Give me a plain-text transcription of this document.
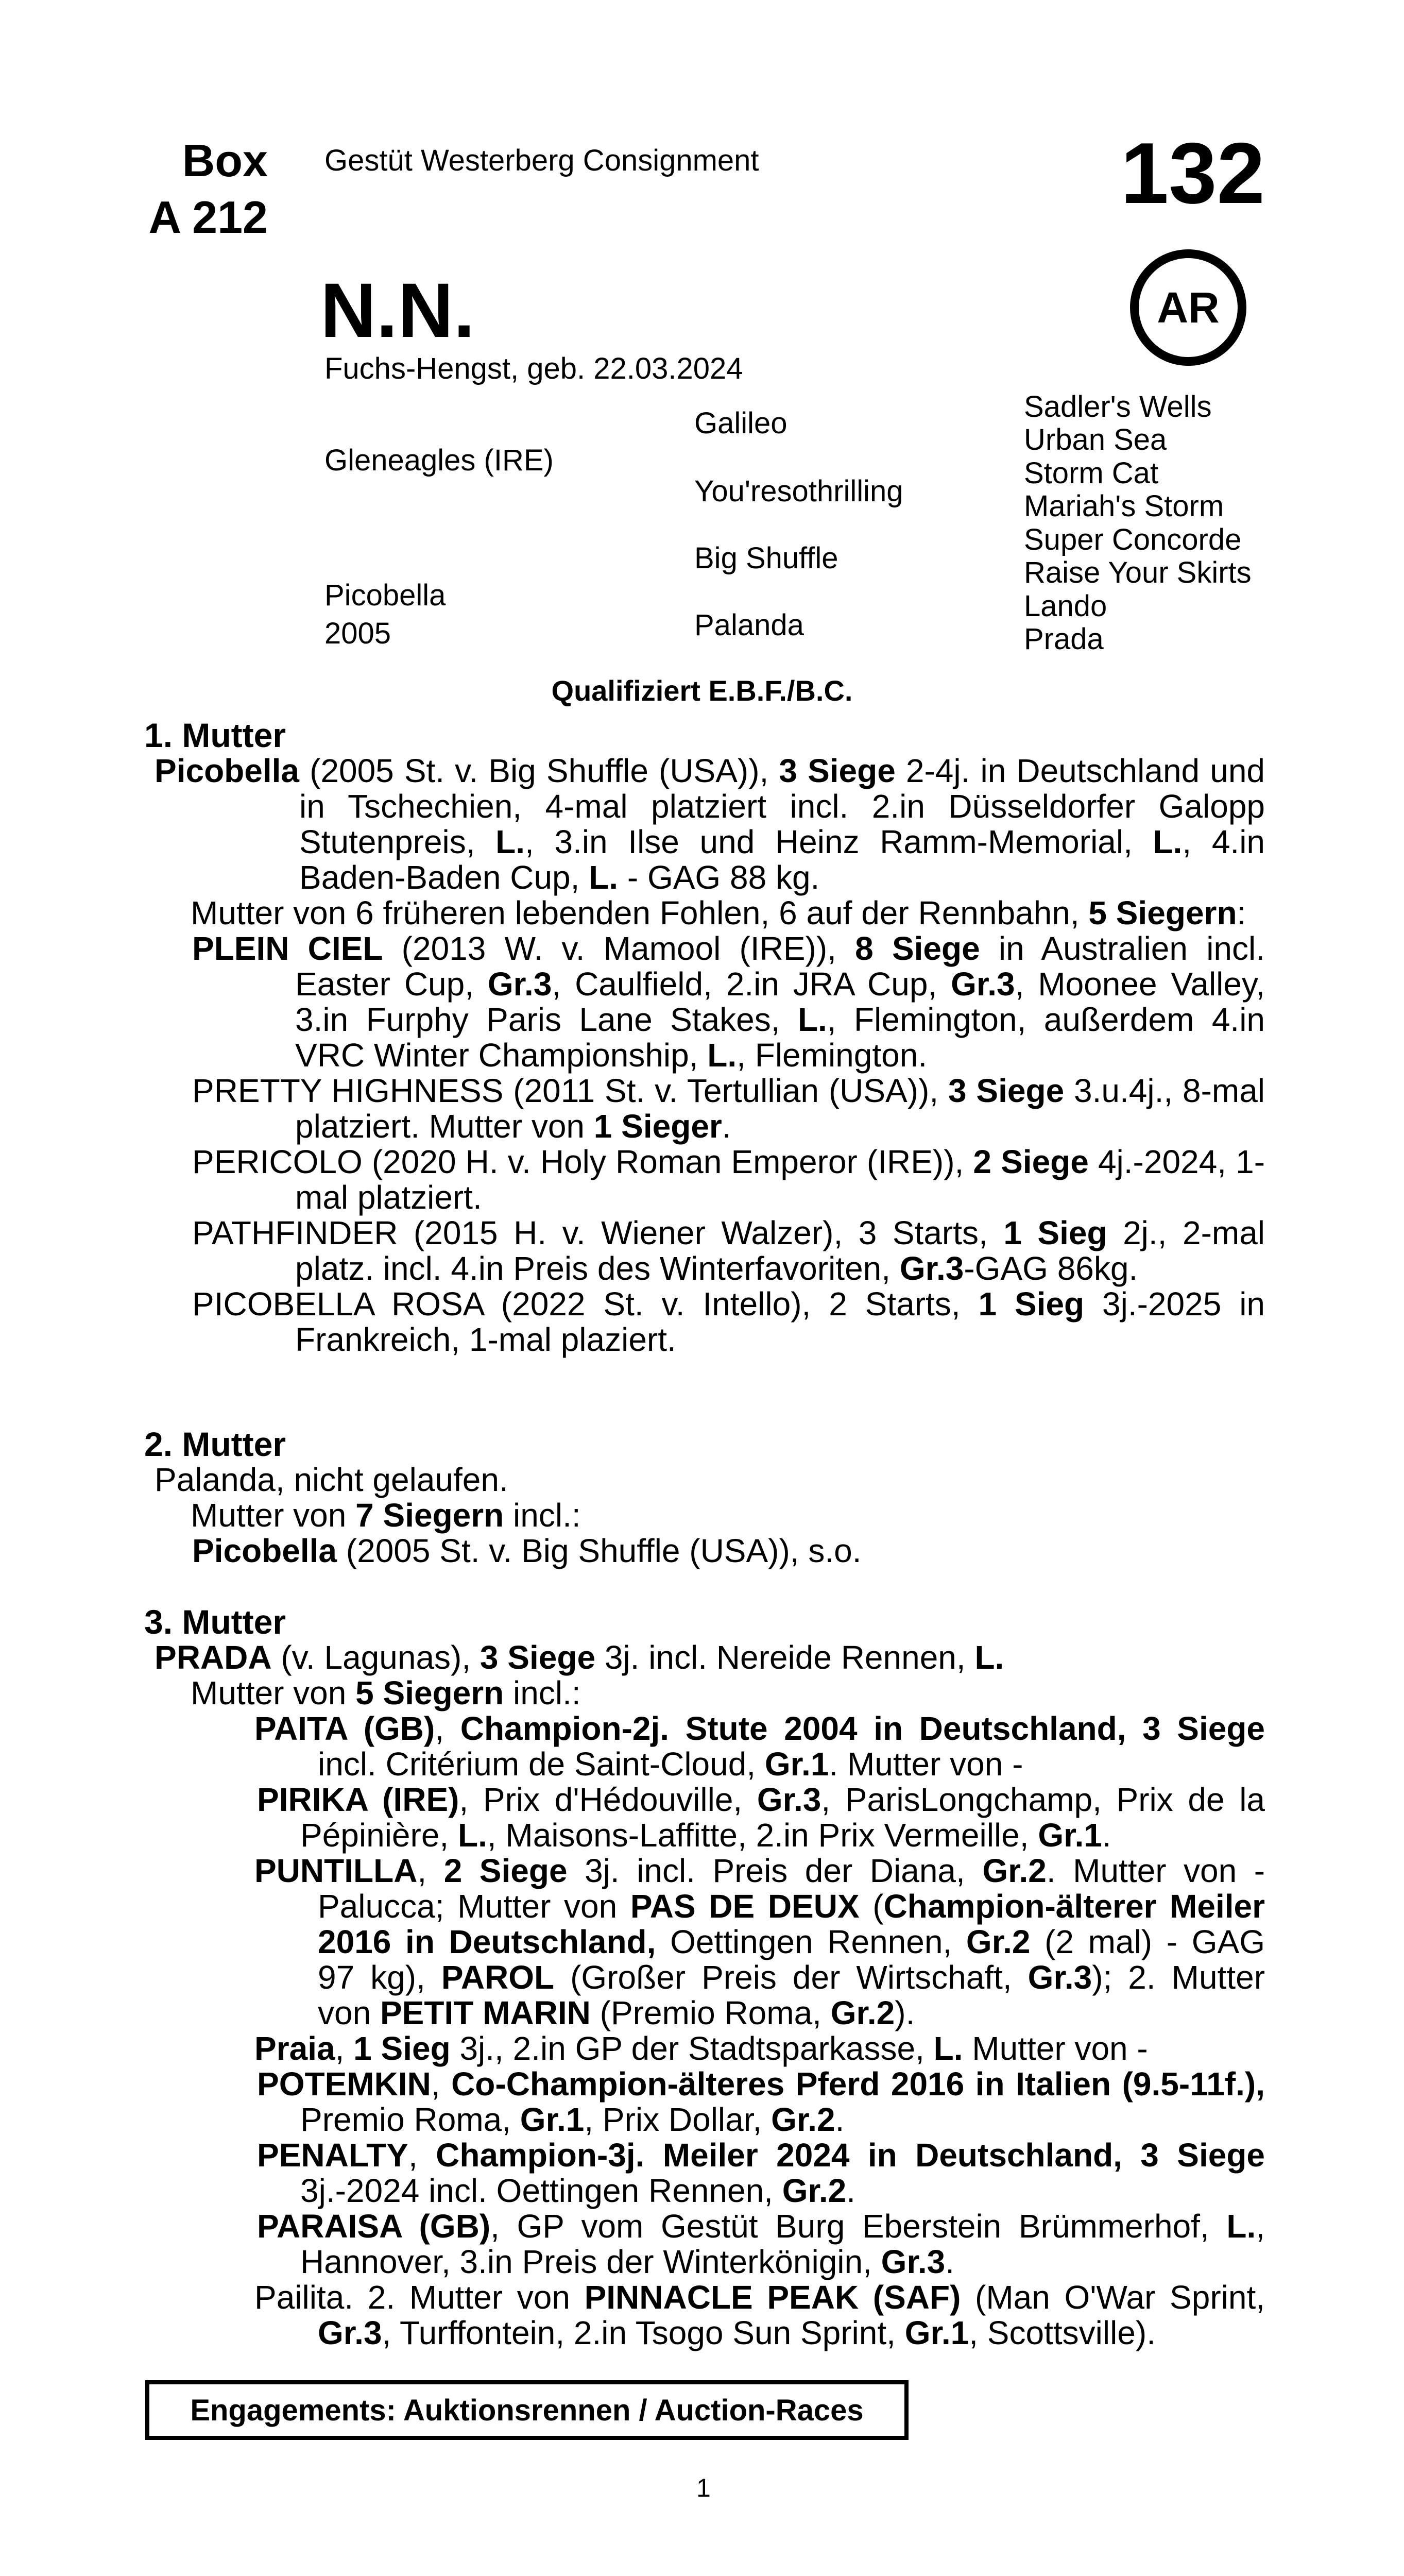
Box
A 212
Gestüt Westerberg Consignment	132
AR
N.N.
Fuchs-Hengst, geb. 22.03.2024
Gleneagles (IRE)
Picobella
2005
Galileo
You'resothrilling
Big Shuffle
Palanda
Sadler's Wells
Urban Sea
Storm Cat
Mariah's Storm
Super Concorde
Raise Your Skirts
Lando
Prada
Qualifiziert E.B.F./B.C.

1. Mutter

Picobella (2005 St. v. Big Shuffle (USA)), 3 Siege 2-4j. in Deutschland und in Tschechien, 4-mal platziert incl. 2.in Düsseldorfer Galopp Stutenpreis, L., 3.in Ilse und Heinz Ramm-Memorial, L., 4.in Baden-Baden Cup, L. - GAG 88 kg.

Mutter von 6 früheren lebenden Fohlen, 6 auf der Rennbahn, 5 Siegern:

PLEIN CIEL (2013 W. v. Mamool (IRE)), 8 Siege in Australien incl. Easter Cup, Gr.3, Caulfield, 2.in JRA Cup, Gr.3, Moonee Valley, 3.in Furphy Paris Lane Stakes, L., Flemington, außerdem 4.in VRC Winter Championship, L., Flemington.

PRETTY HIGHNESS (2011 St. v. Tertullian (USA)), 3 Siege 3.u.4j., 8-mal platziert. Mutter von 1 Sieger.

PERICOLO (2020 H. v. Holy Roman Emperor (IRE)), 2 Siege 4j.-2024, 1-mal platziert.

PATHFINDER (2015 H. v. Wiener Walzer), 3 Starts, 1 Sieg 2j., 2-mal platz. incl. 4.in Preis des Winterfavoriten, Gr.3-GAG 86kg.

PICOBELLA ROSA (2022 St. v. Intello), 2 Starts, 1 Sieg 3j.-2025 in Frankreich, 1-mal plaziert.

2. Mutter

Palanda, nicht gelaufen.

Mutter von 7 Siegern incl.:

Picobella (2005 St. v. Big Shuffle (USA)), s.o.

3. Mutter

PRADA (v. Lagunas), 3 Siege 3j. incl. Nereide Rennen, L.

Mutter von 5 Siegern incl.:

PAITA (GB), Champion-2j. Stute 2004 in Deutschland, 3 Siege incl. Critérium de Saint-Cloud, Gr.1. Mutter von -

PIRIKA (IRE), Prix d'Hédouville, Gr.3, ParisLongchamp, Prix de la Pépinière, L., Maisons-Laffitte, 2.in Prix Vermeille, Gr.1.

PUNTILLA, 2 Siege 3j. incl. Preis der Diana, Gr.2. Mutter von - Palucca; Mutter von PAS DE DEUX (Champion-älterer Meiler 2016 in Deutschland, Oettingen Rennen, Gr.2 (2 mal) - GAG 97 kg), PAROL (Großer Preis der Wirtschaft, Gr.3); 2. Mutter von PETIT MARIN (Premio Roma, Gr.2).

Praia, 1 Sieg 3j., 2.in GP der Stadtsparkasse, L. Mutter von -

POTEMKIN, Co-Champion-älteres Pferd 2016 in Italien (9.5-11f.), Premio Roma, Gr.1, Prix Dollar, Gr.2.

PENALTY, Champion-3j. Meiler 2024 in Deutschland, 3 Siege 3j.-2024 incl. Oettingen Rennen, Gr.2.

PARAISA (GB), GP vom Gestüt Burg Eberstein Brümmerhof, L., Hannover, 3.in Preis der Winterkönigin, Gr.3.

Pailita. 2. Mutter von PINNACLE PEAK (SAF) (Man O'War Sprint, Gr.3, Turffontein, 2.in Tsogo Sun Sprint, Gr.1, Scottsville).

Engagements: Auktionsrennen / Auction-Races
1
